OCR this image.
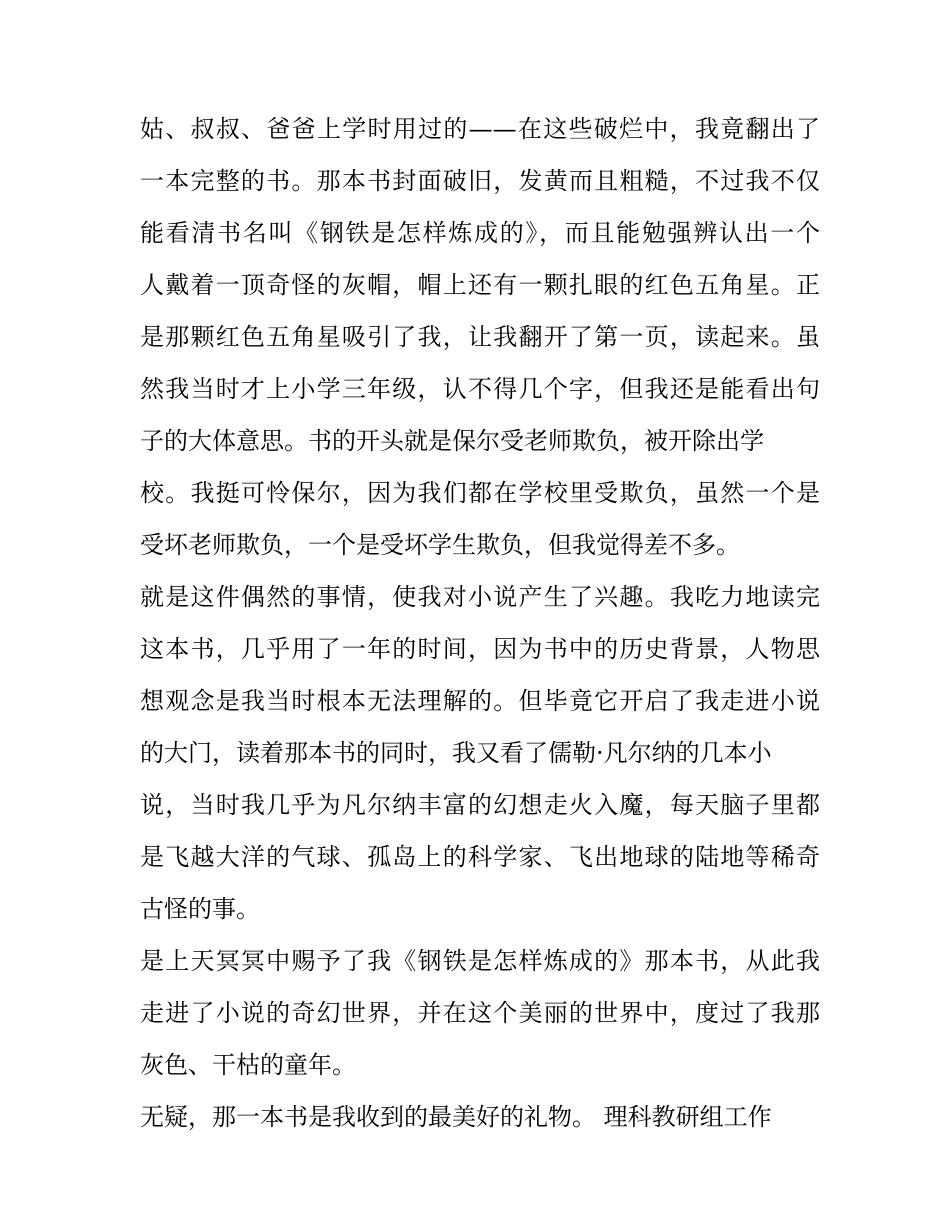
姑、叔叔、爸爸上学时用过的——在这些破烂中，我竟翻出了
一本完整的书。那本书封面破旧，发黄而且粗糙，不过我不仅
能看清书名叫《钢铁是怎样炼成的》，而且能勉强辨认出一个
人戴着一顶奇怪的灰帽，帽上还有一颗扎眼的红色五角星。正
是那颗红色五角星吸引了我，让我翻开了第一页，读起来。虽
然我当时才上小学三年级，认不得几个字，但我还是能看出句
子的大体意思。书的开头就是保尔受老师欺负，被开除出学
校。我挺可怜保尔，因为我们都在学校里受欺负，虽然一个是
受坏老师欺负，一个是受坏学生欺负，但我觉得差不多。
就是这件偶然的事情，使我对小说产生了兴趣。我吃力地读完
这本书，几乎用了一年的时间，因为书中的历史背景，人物思
想观念是我当时根本无法理解的。但毕竟它开启了我走进小说
的大门，读着那本书的同时，我又看了儒勒·凡尔纳的几本小
说，当时我几乎为凡尔纳丰富的幻想走火入魔，每天脑子里都
是飞越大洋的气球、孤岛上的科学家、飞出地球的陆地等稀奇
古怪的事。
是上天冥冥中赐予了我《钢铁是怎样炼成的》那本书，从此我
走进了小说的奇幻世界，并在这个美丽的世界中，度过了我那
灰色、干枯的童年。
无疑，那一本书是我收到的最美好的礼物。 理科教研组工作
